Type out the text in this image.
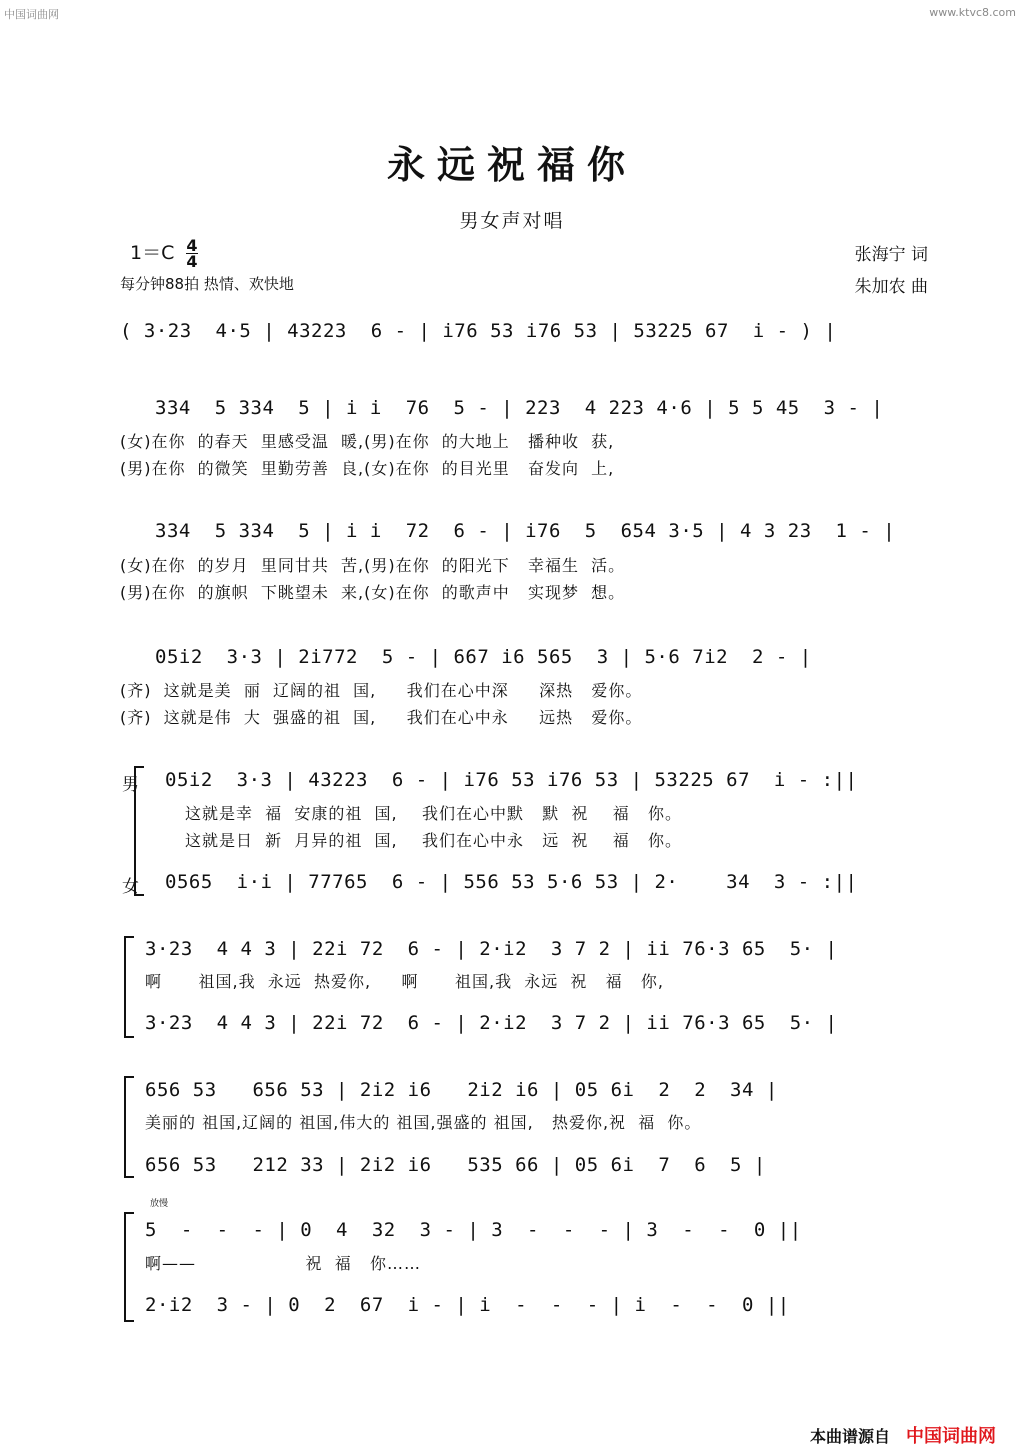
中国词曲网	www.ktvc8.com
永远祝福你
男女声对唱
$1=C \frac{4}{4}$
每分钟88拍 热情、欢快地
张海宁 词
朱加农 曲
( 3·23  4·5 | 43223  6 - | i76 53 i76 53 | 53225 67  i - ) |
334  5 334  5 | i i  76  5 - | 223  4 223 4·6 | 5 5 45  3 - |
(女)在你  的春天  里感受温  暖,(男)在你  的大地上   播种收  获,
(男)在你  的微笑  里勤劳善  良,(女)在你  的目光里   奋发向  上,
334  5 334  5 | i i  72  6 - | i76  5  654 3·5 | 4 3 23  1 - |
(女)在你  的岁月  里同甘共  苦,(男)在你  的阳光下   幸福生  活。
(男)在你  的旗帜  下眺望未  来,(女)在你  的歌声中   实现梦  想。
05i2  3·3 | 2i772  5 - | 667 i6 565  3 | 5·6 7i2  2 - |
(齐)  这就是美  丽  辽阔的祖  国,     我们在心中深     深热   爱你。
(齐)  这就是伟  大  强盛的祖  国,     我们在心中永     远热   爱你。
男
女
05i2  3·3 | 43223  6 - | i76 53 i76 53 | 53225 67  i - :||
这就是幸  福  安康的祖  国,    我们在心中默   默  祝    福   你。
这就是日  新  月异的祖  国,    我们在心中永   远  祝    福   你。
0565  i·i | 77765  6 - | 556 53 5·6 53 | 2·    34  3 - :||
3·23  4 4 3 | 22i 72  6 - | 2·i2  3 7 2 | ii 76·3 65  5· |
啊      祖国,我  永远  热爱你,     啊      祖国,我  永远  祝   福   你,
3·23  4 4 3 | 22i 72  6 - | 2·i2  3 7 2 | ii 76·3 65  5· |
656 53   656 53 | 2i2 i6   2i2 i6 | 05 6i  2  2  34 |
美丽的 祖国,辽阔的 祖国,伟大的 祖国,强盛的 祖国,   热爱你,祝  福  你。
656 53   212 33 | 2i2 i6   535 66 | 05 6i  7  6  5 |
放慢
5  -  -  - | 0  4  32  3 - | 3  -  -  - | 3  -  -  0 ||
啊——                  祝  福   你……
2·i2  3 - | 0  2  67  i - | i  -  -  - | i  -  -  0 ||
本曲谱源自 中国词曲网
